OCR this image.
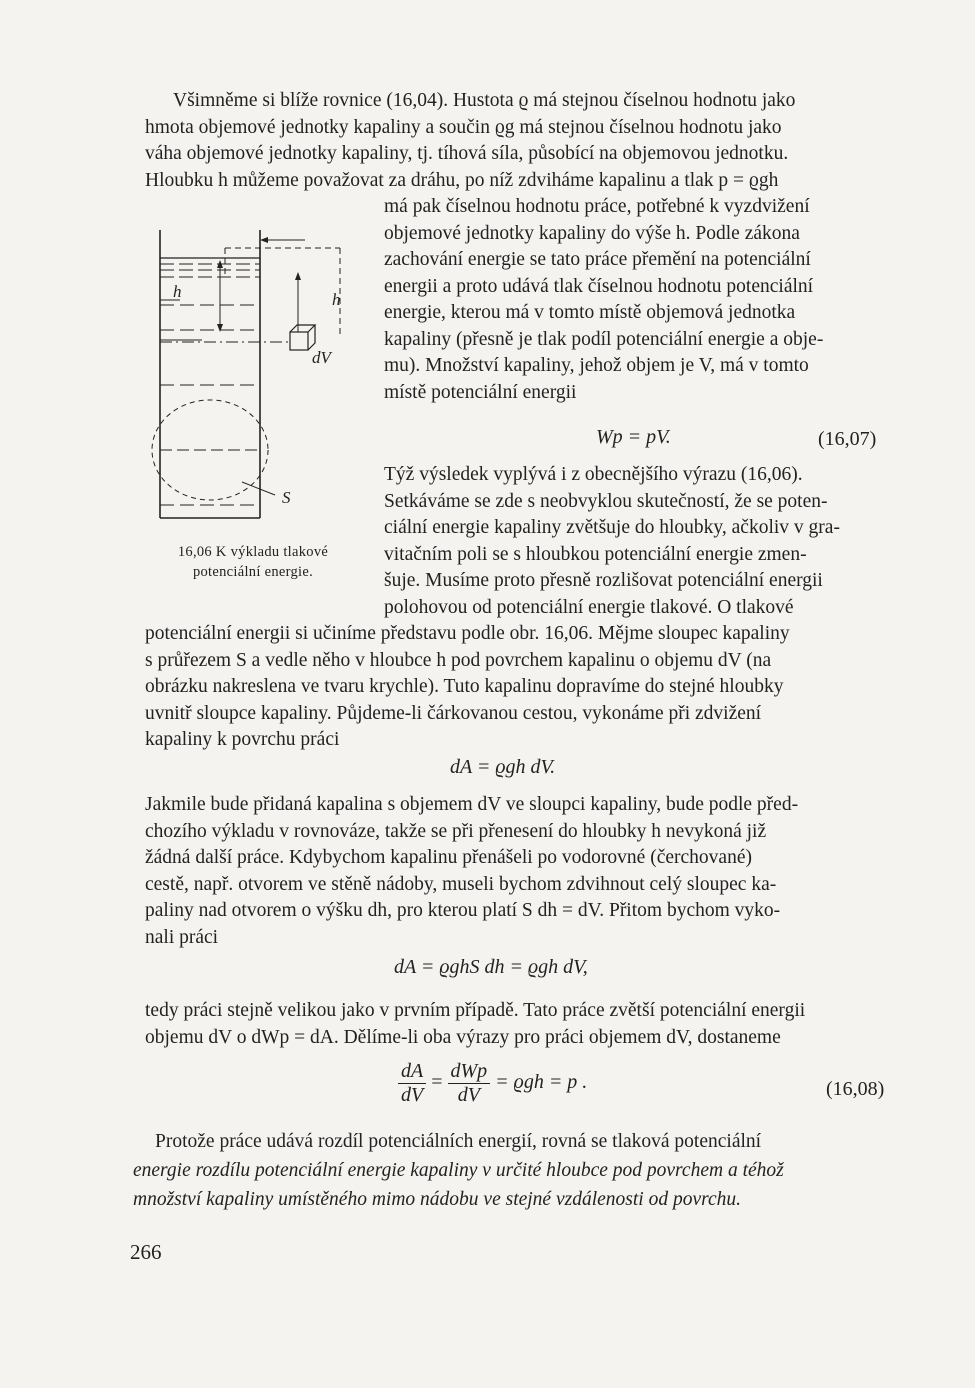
Všimněme si blíže rovnice (16,04). Hustota ϱ má stejnou číselnou hodnotu jako
hmota objemové jednotky kapaliny a součin ϱg má stejnou číselnou hodnotu jako
váha objemové jednotky kapaliny, tj. tíhová síla, působící na objemovou jednotku.
Hloubku h můžeme považovat za dráhu, po níž zdviháme kapalinu a tlak p = ϱgh
má pak číselnou hodnotu práce, potřebné k vyzdvižení
objemové jednotky kapaliny do výše h. Podle zákona
zachování energie se tato práce přemění na potenciální
energii a proto udává tlak číselnou hodnotu potenciální
energie, kterou má v tomto místě objemová jednotka
kapaliny (přesně je tlak podíl potenciální energie a obje-
mu). Množství kapaliny, jehož objem je V, má v tomto
místě potenciální energii
Wp = pV.	(16,07)
Týž výsledek vyplývá i z obecnějšího výrazu (16,06).
Setkáváme se zde s neobvyklou skutečností, že se poten-
ciální energie kapaliny zvětšuje do hloubky, ačkoliv v gra-
vitačním poli se s hloubkou potenciální energie zmen-
šuje. Musíme proto přesně rozlišovat potenciální energii
polohovou od potenciální energie tlakové. O tlakové
h	h
dV
S
16,06 K výkladu tlakové
potenciální energie.
potenciální energii si učiníme představu podle obr. 16,06. Mějme sloupec kapaliny
s průřezem S a vedle něho v hloubce h pod povrchem kapalinu o objemu dV (na
obrázku nakreslena ve tvaru krychle). Tuto kapalinu dopravíme do stejné hloubky
uvnitř sloupce kapaliny. Půjdeme-li čárkovanou cestou, vykonáme při zdvižení
kapaliny k povrchu práci
dA = ϱgh dV.
Jakmile bude přidaná kapalina s objemem dV ve sloupci kapaliny, bude podle před-
chozího výkladu v rovnováze, takže se při přenesení do hloubky h nevykoná již
žádná další práce. Kdybychom kapalinu přenášeli po vodorovné (čerchované)
cestě, např. otvorem ve stěně nádoby, museli bychom zdvihnout celý sloupec ka-
paliny nad otvorem o výšku dh, pro kterou platí S dh = dV. Přitom bychom vyko-
nali práci
dA = ϱghS dh = ϱgh dV,
tedy práci stejně velikou jako v prvním případě. Tato práce zvětší potenciální energii
objemu dV o dWp = dA. Dělíme-li oba výrazy pro práci objemem dV, dostaneme
$\frac{dA}{dV} = \frac{\text{dWp}}{dV} = ϱgh = p$ .	(16,08)
Protože práce udává rozdíl potenciálních energií, rovná se tlaková potenciální
energie rozdílu potenciální energie kapaliny v určité hloubce pod povrchem a téhož
množství kapaliny umístěného mimo nádobu ve stejné vzdálenosti od povrchu.
266
